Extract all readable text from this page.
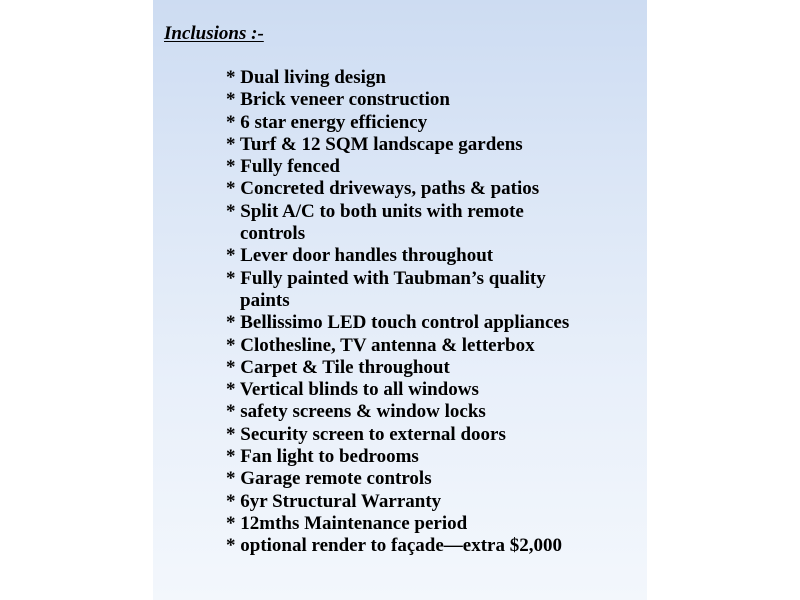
Inclusions :-
* Dual living design
* Brick veneer construction
* 6 star energy efficiency
* Turf & 12 SQM landscape gardens
* Fully fenced
* Concreted driveways, paths & patios
* Split A/C to both units with remote
controls
* Lever door handles throughout
* Fully painted with Taubman’s quality
paints
* Bellissimo LED touch control appliances
* Clothesline, TV antenna & letterbox
* Carpet & Tile throughout
* Vertical blinds to all windows
* safety screens & window locks
* Security screen to external doors
* Fan light to bedrooms
* Garage remote controls
* 6yr Structural Warranty
* 12mths Maintenance period
* optional render to façade—extra $2,000
